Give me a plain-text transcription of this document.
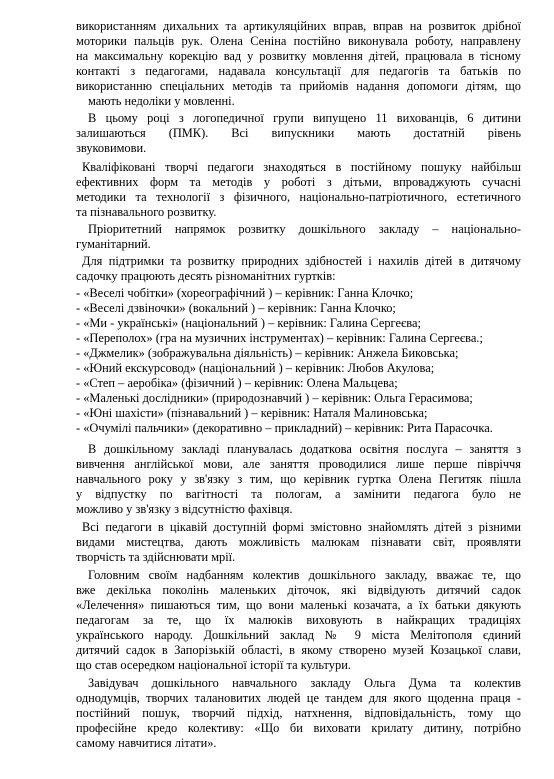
використанням дихальних та артикуляційних вправ, вправ на розвиток дрібної
моторики пальців рук. Олена Сеніна постійно виконувала роботу, направлену
на максимальну корекцію вад у розвитку мовлення дітей, працювала в тісному
контакті з педагогами, надавала консультації для педагогів та батьків по
використанню спеціальних методів та прийомів надання допомоги дітям, що
мають недоліки у мовленні.
В цьому році з логопедичної групи випущено 11 вихованців, 6 дитини
залишаються (ПМК). Всі випускники мають достатній рівень
звуковимови.
Кваліфіковані творчі педагоги знаходяться в постійному пошуку найбільш
ефективних форм та методів у роботі з дітьми, впроваджують сучасні
методики та технології з фізичного, національно-патріотичного, естетичного
та пізнавального розвитку.
Пріоритетний напрямок розвитку дошкільного закладу – національно-
гуманітарний.
Для підтримки та розвитку природних здібностей і нахилів дітей в дитячому
садочку працюють десять різноманітних гуртків:
- «Веселі чобітки» (хореографічний ) – керівник: Ганна Клочко;
- «Веселі дзвіночки» (вокальний ) – керівник: Ганна Клочко;
- «Ми - українські» (національний ) – керівник: Галина Сергеєва;
- «Переполох» (гра на музичних інструментах) – керівник: Галина Сергеєва.;
- «Джмелик» (зображувальна діяльність) – керівник: Анжела Биковська;
- «Юний екскурсовод» (національний ) – керівник: Любов Акулова;
- «Степ – аеробіка» (фізичний ) – керівник: Олена Мальцева;
- «Маленькі дослідники» (природознавчий ) – керівник: Ольга Герасимова;
- «Юні шахісти» (пізнавальний ) – керівник: Наталя Малиновська;
- «Очумілі пальчики» (декоративно – прикладний) – керівник: Рита Парасочка.
В дошкільному закладі планувалась додаткова освітня послуга – заняття з
вивчення англійської мови, але заняття проводилися лише перше півріччя
навчального року у зв'язку з тим, що керівник гуртка Олена Пегитяк пішла
у відпустку по вагітності та пологам, а замінити педагога було не
можливо у зв'язку з відсутністю фахівця.
Всі педагоги в цікавій доступній формі змістовно знайомлять дітей з різними
видами мистецтва, дають можливість малюкам пізнавати світ, проявляти
творчість та здійснювати мрії.
Головним своїм надбанням колектив дошкільного закладу, вважає те, що
вже декілька поколінь маленьких діточок, які відвідують дитячий садок
«Лелечення» пишаються тим, що вони маленькі козачата, а їх батьки дякують
педагогам за те, що їх малюків виховують в найкращих традиціях
українського народу. Дошкільний заклад № 9 міста Мелітополя єдиний
дитячий садок в Запорізькій області, в якому створено музей Козацької слави,
що став осередком національної історії та культури.
Завідувач дошкільного навчального закладу Ольга Дума та колектив
однодумців, творчих талановитих людей це тандем для якого щоденна праця -
постійний пошук, творчий підхід, натхнення, відповідальність, тому що
професійне кредо колективу: «Що би виховати крилату дитину, потрібно
самому навчитися літати».
